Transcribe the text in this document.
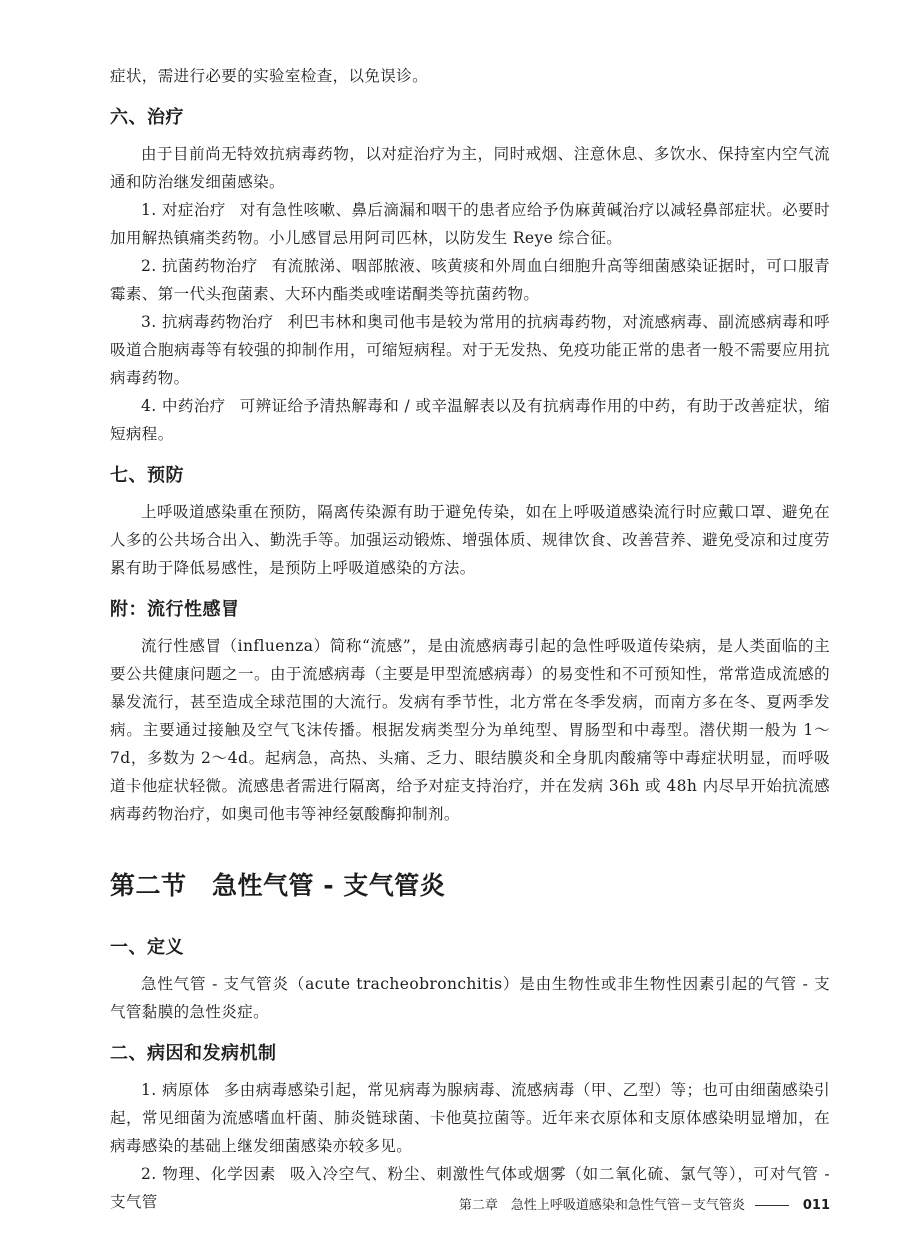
症状，需进行必要的实验室检查，以免误诊。

六、治疗

由于目前尚无特效抗病毒药物，以对症治疗为主，同时戒烟、注意休息、多饮水、保持室内空气流通和防治继发细菌感染。

1. 对症治疗 对有急性咳嗽、鼻后滴漏和咽干的患者应给予伪麻黄碱治疗以减轻鼻部症状。必要时加用解热镇痛类药物。小儿感冒忌用阿司匹林，以防发生 Reye 综合征。

2. 抗菌药物治疗 有流脓涕、咽部脓液、咳黄痰和外周血白细胞升高等细菌感染证据时，可口服青霉素、第一代头孢菌素、大环内酯类或喹诺酮类等抗菌药物。

3. 抗病毒药物治疗 利巴韦林和奥司他韦是较为常用的抗病毒药物，对流感病毒、副流感病毒和呼吸道合胞病毒等有较强的抑制作用，可缩短病程。对于无发热、免疫功能正常的患者一般不需要应用抗病毒药物。

4. 中药治疗 可辨证给予清热解毒和 / 或辛温解表以及有抗病毒作用的中药，有助于改善症状，缩短病程。

七、预防

上呼吸道感染重在预防，隔离传染源有助于避免传染，如在上呼吸道感染流行时应戴口罩、避免在人多的公共场合出入、勤洗手等。加强运动锻炼、增强体质、规律饮食、改善营养、避免受凉和过度劳累有助于降低易感性，是预防上呼吸道感染的方法。

附：流行性感冒

流行性感冒（influenza）简称“流感”，是由流感病毒引起的急性呼吸道传染病，是人类面临的主要公共健康问题之一。由于流感病毒（主要是甲型流感病毒）的易变性和不可预知性，常常造成流感的暴发流行，甚至造成全球范围的大流行。发病有季节性，北方常在冬季发病，而南方多在冬、夏两季发病。主要通过接触及空气飞沫传播。根据发病类型分为单纯型、胃肠型和中毒型。潜伏期一般为 1～7d，多数为 2～4d。起病急，高热、头痛、乏力、眼结膜炎和全身肌肉酸痛等中毒症状明显，而呼吸道卡他症状轻微。流感患者需进行隔离，给予对症支持治疗，并在发病 36h 或 48h 内尽早开始抗流感病毒药物治疗，如奥司他韦等神经氨酸酶抑制剂。

第二节　急性气管 - 支气管炎
一、定义

急性气管 - 支气管炎（acute tracheobronchitis）是由生物性或非生物性因素引起的气管 - 支气管黏膜的急性炎症。

二、病因和发病机制

1. 病原体 多由病毒感染引起，常见病毒为腺病毒、流感病毒（甲、乙型）等；也可由细菌感染引起，常见细菌为流感嗜血杆菌、肺炎链球菌、卡他莫拉菌等。近年来衣原体和支原体感染明显增加，在病毒感染的基础上继发细菌感染亦较多见。

2. 物理、化学因素 吸入冷空气、粉尘、刺激性气体或烟雾（如二氧化硫、氯气等），可对气管 - 支气管	第二章　急性上呼吸道感染和急性气管－支气管炎	011
